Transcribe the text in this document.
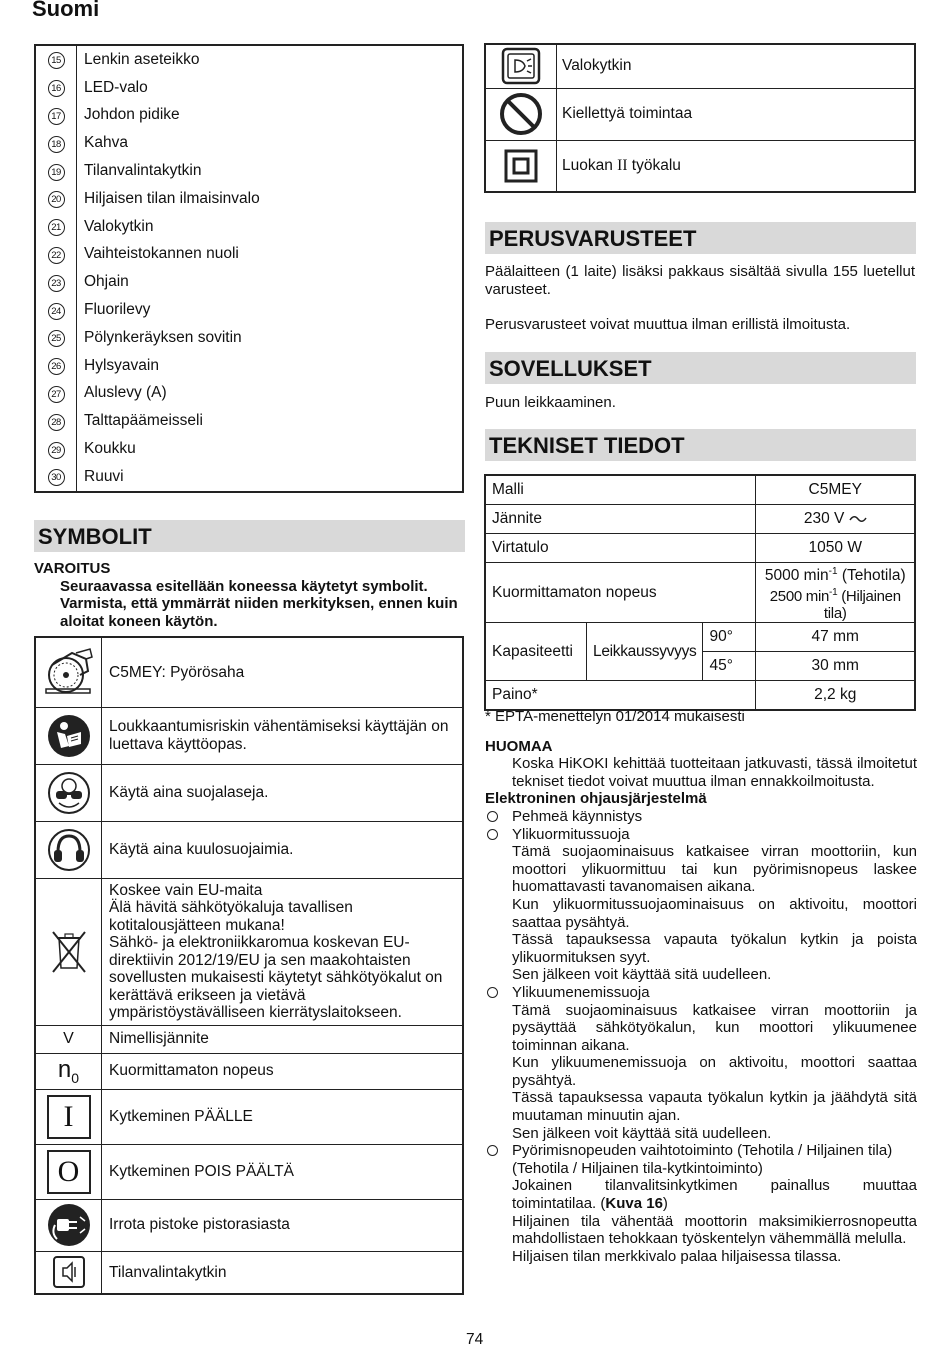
Suomi
15	Lenkin aseteikko
16	LED-valo
17	Johdon pidike
18	Kahva
19	Tilanvalintakytkin
20	Hiljaisen tilan ilmaisinvalo
21	Valokytkin
22	Vaihteistokannen nuoli
23	Ohjain
24	Fluorilevy
25	Pölynkeräyksen sovitin
26	Hylsyavain
27	Aluslevy (A)
28	Talttapäämeisseli
29	Koukku
30	Ruuvi
SYMBOLIT
VAROITUS
Seuraavassa esitellään koneessa käytetyt symbolit.
Varmista, että ymmärrät niiden merkityksen, ennen kuin aloitat koneen käytön.
	C5MEY: Pyörösaha

	Loukkaantumisriskin vähentämiseksi käyttäjän on luettava käyttöopas.

	Käytä aina suojalaseja.

	Käytä aina kuulosuojaimia.

Koskee vain EU-maita
Älä hävitä sähkötyökaluja tavallisen kotitalousjätteen mukana!
Sähkö- ja elektroniikkaromua koskevan EU-direktiivin 2012/19/EU ja sen maakohtaisten sovellusten mukaisesti käytetyt sähkötyökalut on kerättävä erikseen ja vietävä ympäristöystävälliseen kierrätyslaitokseen.

V	Nimellisjännite
$n_0$	Kuormittamaton nopeus
I	Kytkeminen PÄÄLLE
O	Kytkeminen POIS PÄÄLTÄ

	Irrota pistoke pistorasiasta

	Tilanvalintakytkin
	Valokytkin

	Kiellettyä toimintaa

	Luokan II työkalu
PERUSVARUSTEET
Päälaitteen (1 laite) lisäksi pakkaus sisältää sivulla 155 luetellut varusteet.
Perusvarusteet voivat muuttua ilman erillistä ilmoitusta.
SOVELLUKSET
Puun leikkaaminen.
TEKNISET TIEDOT
Malli			C5MEY
Jännite			230 V

Virtatulo			1050 W
Kuormittamaton nopeus			5000 $\min^{-1}$ (Tehotila)
2500 $\min^{-1}$ (Hiljainen tila)

Kapasiteetti	Leikkaussyvyys	90°	47 mm
		45°	30 mm
Paino*			2,2 kg
* EPTA-menettelyn 01/2014 mukaisesti
HUOMAA
Koska HiKOKI kehittää tuotteitaan jatkuvasti, tässä ilmoitetut tekniset tiedot voivat muuttua ilman ennakkoilmoitusta.
Elektroninen ohjausjärjestelmä
Pehmeä käynnistys
Ylikuormitussuoja
Tämä suojaominaisuus katkaisee virran moottoriin, kun moottori ylikuormittuu tai kun pyörimisnopeus laskee huomattavasti tavanomaisen aikana.
Kun ylikuormitussuojaominaisuus on aktivoitu, moottori saattaa pysähtyä.
Tässä tapauksessa vapauta työkalun kytkin ja poista ylikuormituksen syyt.
Sen jälkeen voit käyttää sitä uudelleen.
Ylikuumenemissuoja
Tämä suojaominaisuus katkaisee virran moottoriin ja pysäyttää sähkötyökalun, kun moottori ylikuumenee toiminnan aikana.
Kun ylikuumenemissuoja on aktivoitu, moottori saattaa pysähtyä.
Tässä tapauksessa vapauta työkalun kytkin ja jäähdytä sitä muutaman minuutin ajan.
Sen jälkeen voit käyttää sitä uudelleen.
Pyörimisnopeuden vaihtotoiminto (Tehotila / Hiljainen tila)
(Tehotila / Hiljainen tila-kytkintoiminto)
Jokainen tilanvalitsinkytkimen painallus muuttaa toimintatilaa. (Kuva 16)
Hiljainen tila vähentää moottorin maksimikierrosnopeutta mahdollistaen tehokkaan työskentelyn vähemmällä melulla.
Hiljaisen tilan merkkivalo palaa hiljaisessa tilassa.
74
